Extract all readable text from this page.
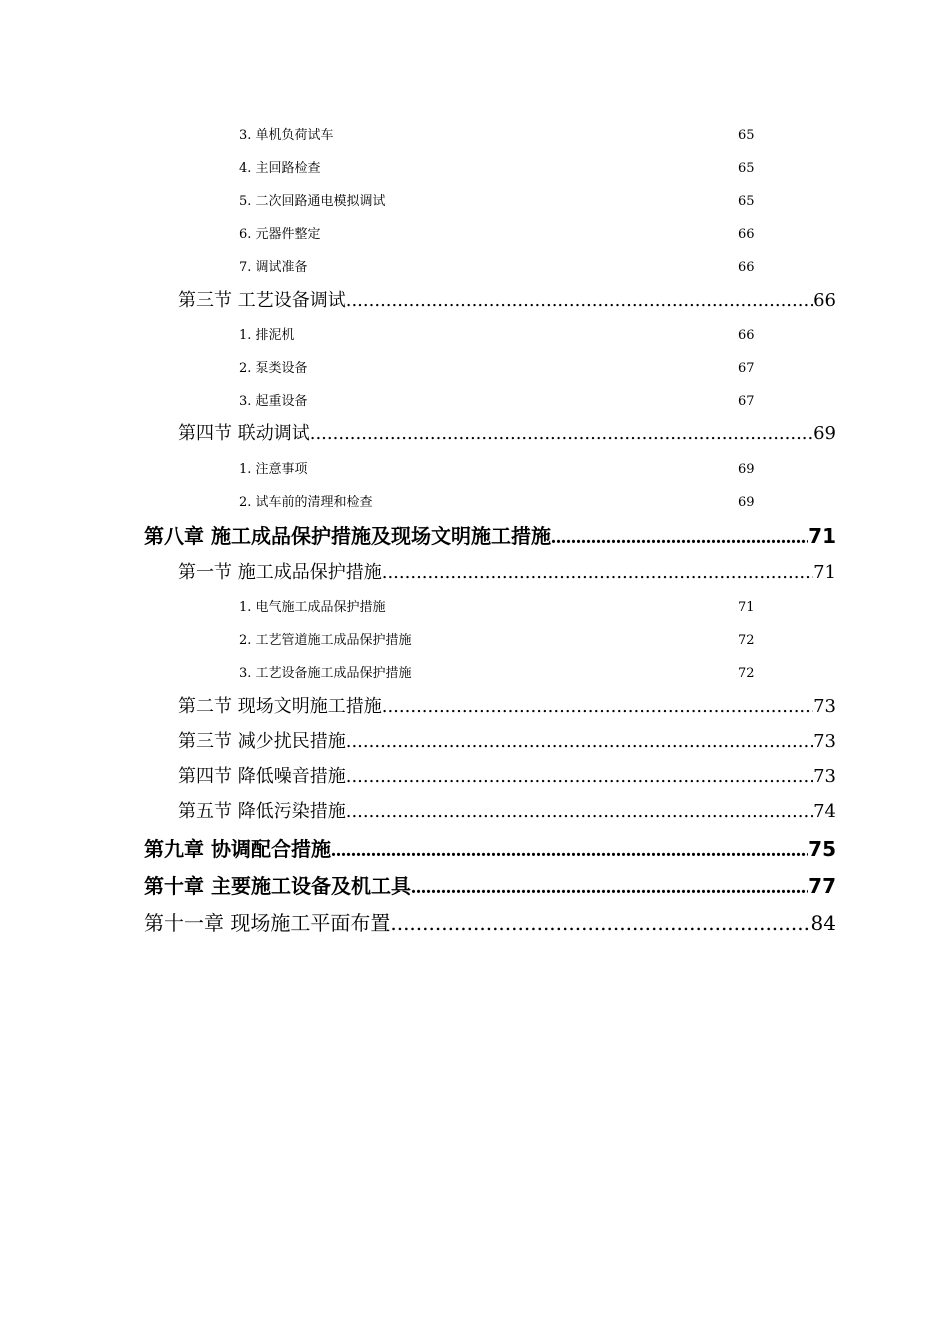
3. 单机负荷试车	65
4. 主回路检查	65
5. 二次回路通电模拟调试	65
6. 元器件整定	66
7. 调试准备	66
第三节 工艺设备调试 .....	66
1. 排泥机	66
2. 泵类设备	67
3. 起重设备	67
第四节 联动调试 .....	69
1. 注意事项	69
2. 试车前的清理和检查	69
第八章 施工成品保护措施及现场文明施工措施 .....	71
第一节 施工成品保护措施 .....	71
1. 电气施工成品保护措施	71
2. 工艺管道施工成品保护措施	72
3. 工艺设备施工成品保护措施	72
第二节 现场文明施工措施 .....	73
第三节 减少扰民措施 .....	73
第四节 降低噪音措施 .....	73
第五节 降低污染措施 .....	74
第九章 协调配合措施 .....	75
第十章 主要施工设备及机工具 .....	77
第十一章 现场施工平面布置 .....	84
